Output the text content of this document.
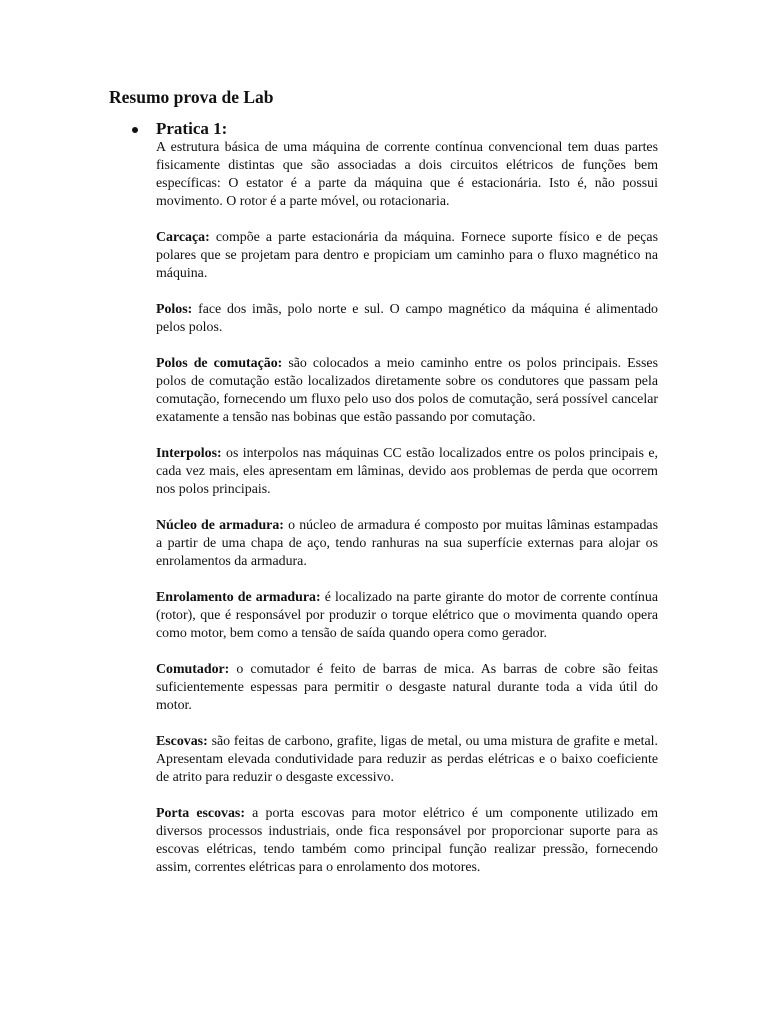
Resumo prova de Lab
Pratica 1:

A estrutura básica de uma máquina de corrente contínua convencional tem duas partes fisicamente distintas que são associadas a dois circuitos elétricos de funções bem específicas: O estator é a parte da máquina que é estacionária. Isto é, não possui movimento. O rotor é a parte móvel, ou rotacionaria.

Carcaça: compõe a parte estacionária da máquina. Fornece suporte físico e de peças polares que se projetam para dentro e propiciam um caminho para o fluxo magnético na máquina.

Polos: face dos imãs, polo norte e sul. O campo magnético da máquina é alimentado pelos polos.

Polos de comutação: são colocados a meio caminho entre os polos principais. Esses polos de comutação estão localizados diretamente sobre os condutores que passam pela comutação, fornecendo um fluxo pelo uso dos polos de comutação, será possível cancelar exatamente a tensão nas bobinas que estão passando por comutação.

Interpolos: os interpolos nas máquinas CC estão localizados entre os polos principais e, cada vez mais, eles apresentam em lâminas, devido aos problemas de perda que ocorrem nos polos principais.

Núcleo de armadura: o núcleo de armadura é composto por muitas lâminas estampadas a partir de uma chapa de aço, tendo ranhuras na sua superfície externas para alojar os enrolamentos da armadura.

Enrolamento de armadura: é localizado na parte girante do motor de corrente contínua (rotor), que é responsável por produzir o torque elétrico que o movimenta quando opera como motor, bem como a tensão de saída quando opera como gerador.

Comutador: o comutador é feito de barras de mica. As barras de cobre são feitas suficientemente espessas para permitir o desgaste natural durante toda a vida útil do motor.

Escovas: são feitas de carbono, grafite, ligas de metal, ou uma mistura de grafite e metal. Apresentam elevada condutividade para reduzir as perdas elétricas e o baixo coeficiente de atrito para reduzir o desgaste excessivo.

Porta escovas: a porta escovas para motor elétrico é um componente utilizado em diversos processos industriais, onde fica responsável por proporcionar suporte para as escovas elétricas, tendo também como principal função realizar pressão, fornecendo assim, correntes elétricas para o enrolamento dos motores.
